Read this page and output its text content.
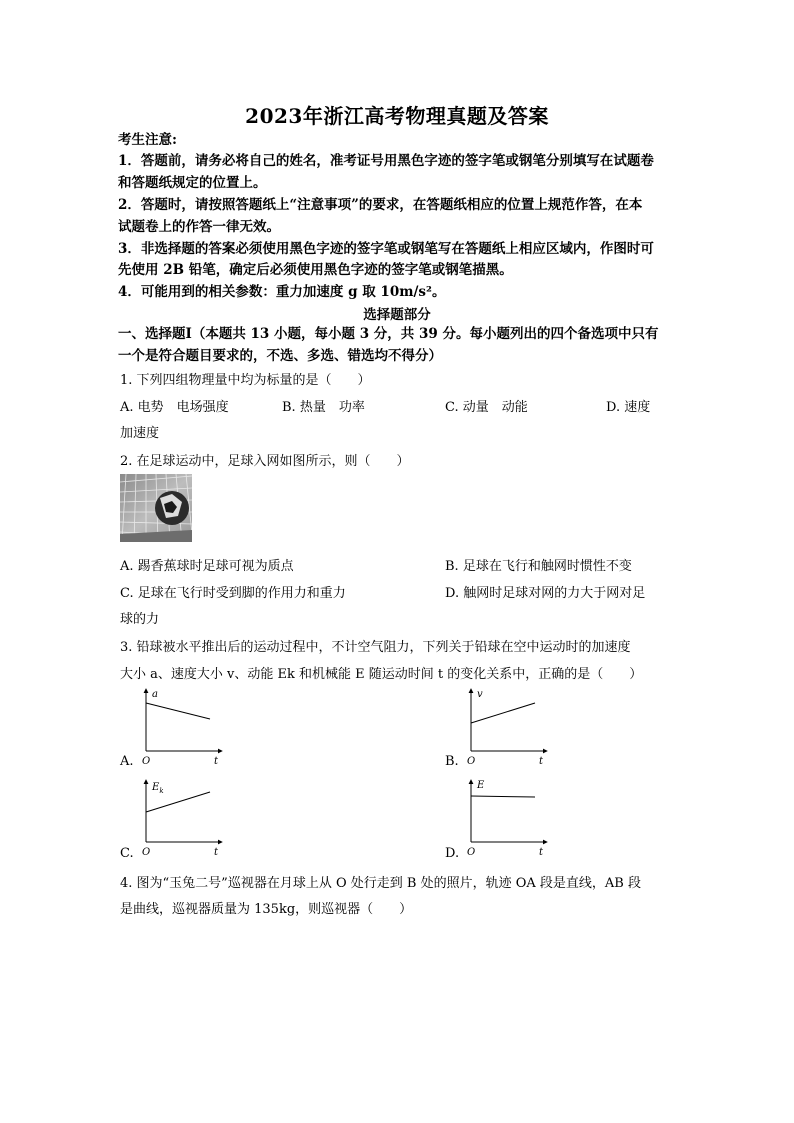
2023年浙江高考物理真题及答案
考生注意:
1．答题前，请务必将自己的姓名，准考证号用黑色字迹的签字笔或钢笔分别填写在试题卷
和答题纸规定的位置上。
2．答题时，请按照答题纸上“注意事项”的要求，在答题纸相应的位置上规范作答，在本
试题卷上的作答一律无效。
3．非选择题的答案必须使用黑色字迹的签字笔或钢笔写在答题纸上相应区域内，作图时可
先使用 2B 铅笔，确定后必须使用黑色字迹的签字笔或钢笔描黑。
4．可能用到的相关参数：重力加速度 g 取 10m/s²。
选择题部分
一、选择题Ⅰ（本题共 13 小题，每小题 3 分，共 39 分。每小题列出的四个备选项中只有
一个是符合题目要求的，不选、多选、错选均不得分）
1. 下列四组物理量中均为标量的是（　　）
A. 电势　电场强度	B. 热量　功率	C. 动量　动能	D. 速度
加速度
2. 在足球运动中，足球入网如图所示，则（　　）
A. 踢香蕉球时足球可视为质点	B. 足球在飞行和触网时惯性不变
C. 足球在飞行时受到脚的作用力和重力	D. 触网时足球对网的力大于网对足
球的力
3. 铅球被水平推出后的运动过程中，不计空气阻力，下列关于铅球在空中运动时的加速度
大小 a、速度大小 v、动能 Ek 和机械能 E 随运动时间 t 的变化关系中，正确的是（　　）
A.
a
O	t	B.
v
O	t
C.
$E_k$
O	t	D.
E
O	t
4. 图为“玉兔二号”巡视器在月球上从 O 处行走到 B 处的照片，轨迹 OA 段是直线，AB 段
是曲线，巡视器质量为 135kg，则巡视器（　　）
